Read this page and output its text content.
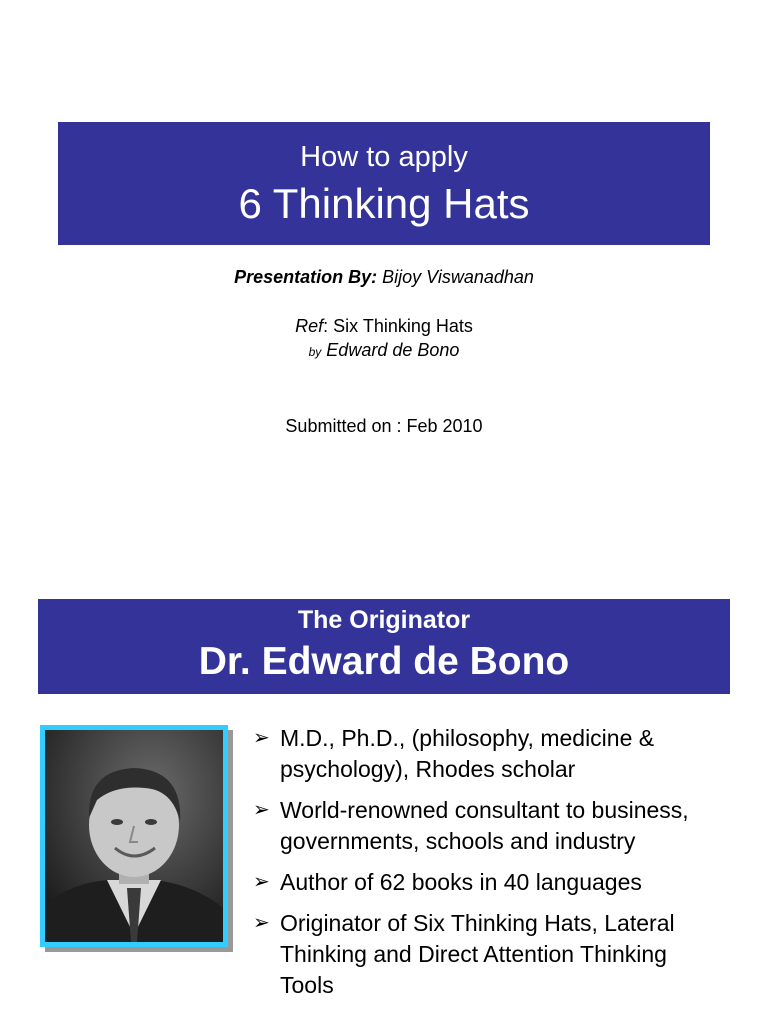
How to apply
6 Thinking Hats
Presentation By: Bijoy Viswanadhan
Ref: Six Thinking Hats
by Edward de Bono
Submitted on : Feb 2010
The Originator
Dr. Edward de Bono
➢ M.D., Ph.D., (philosophy, medicine & psychology), Rhodes scholar
➢ World-renowned consultant to business, governments, schools and industry
➢ Author of 62 books in 40 languages
➢ Originator of Six Thinking Hats, Lateral Thinking and Direct Attention Thinking Tools
